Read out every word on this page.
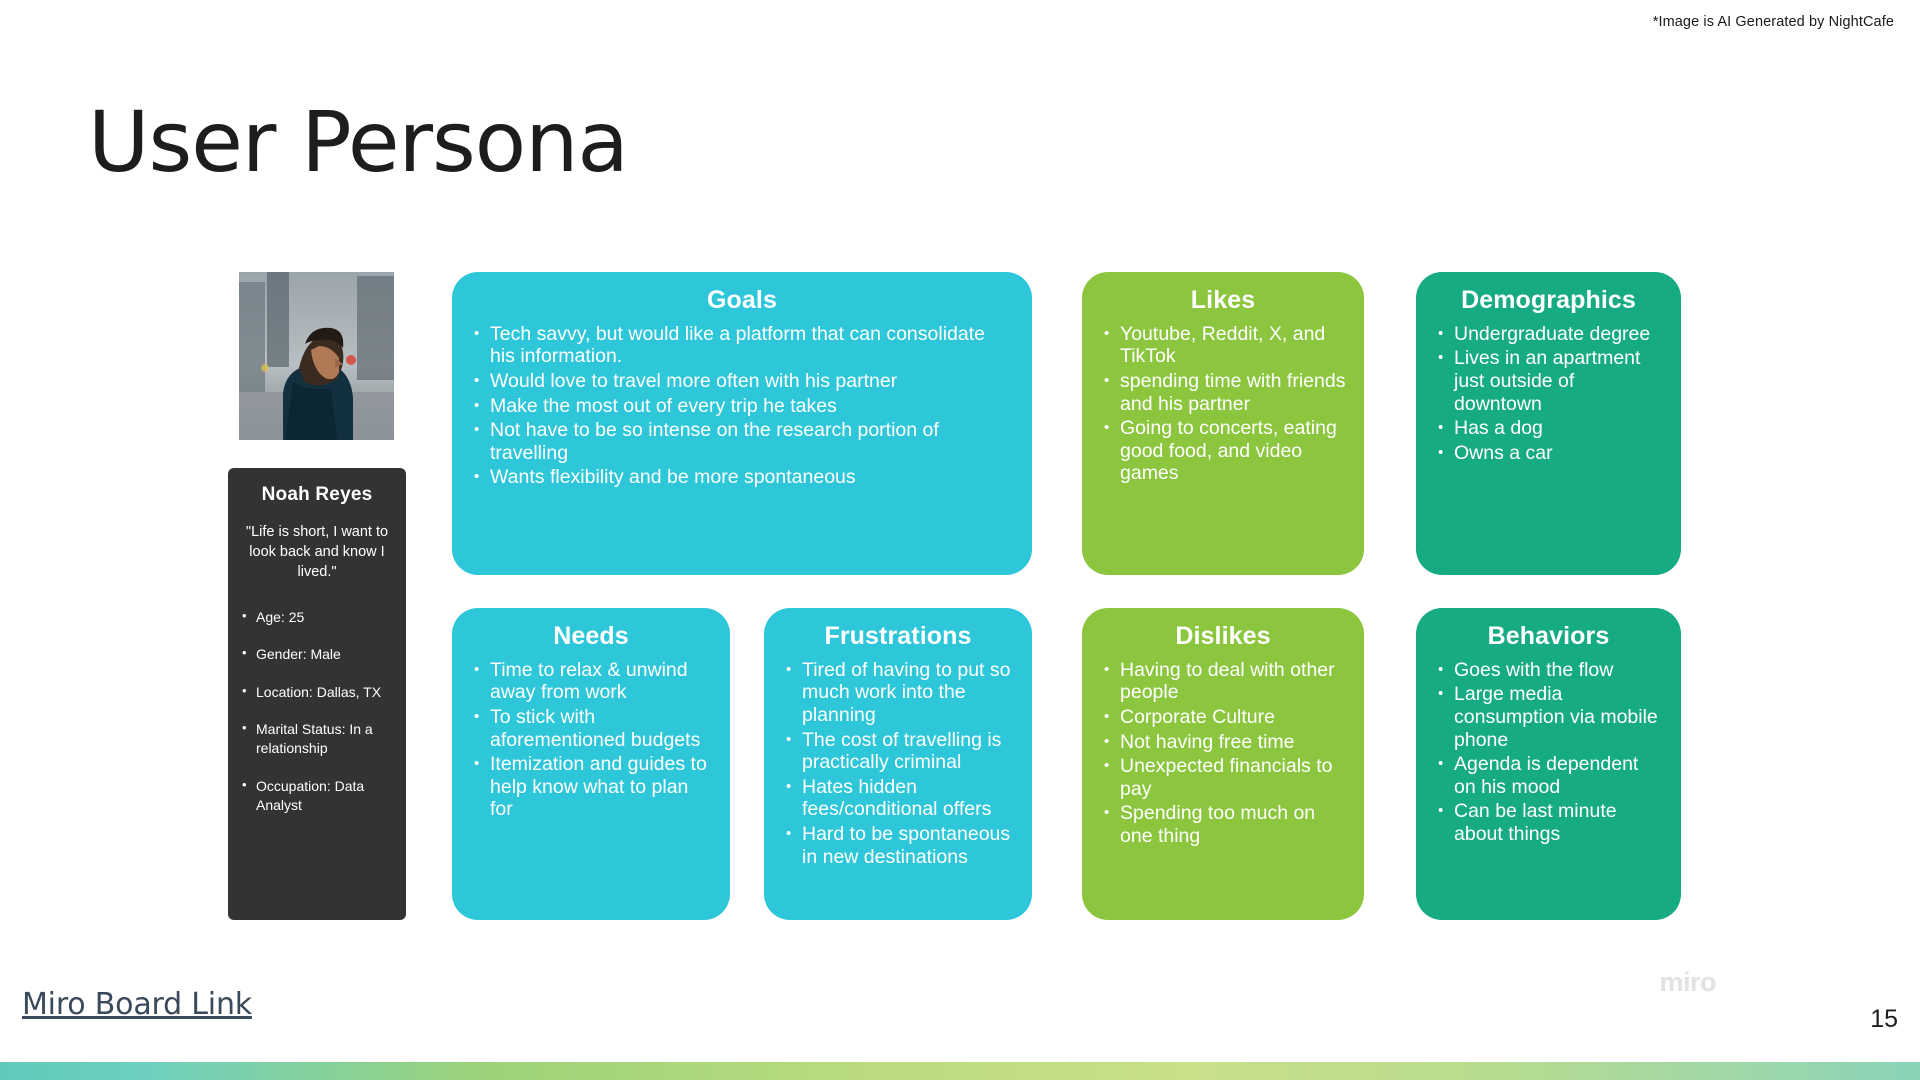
*Image is AI Generated by NightCafe
User Persona
Noah Reyes
"Life is short, I want to look back and know I lived."
• Age: 25
• Gender: Male
• Location: Dallas, TX
• Marital Status: In a relationship
• Occupation: Data Analyst
Goals
• Tech savvy, but would like a platform that can consolidate his information.
• Would love to travel more often with his partner
• Make the most out of every trip he takes
• Not have to be so intense on the research portion of travelling
• Wants flexibility and be more spontaneous
Likes
• Youtube, Reddit, X, and TikTok
• spending time with friends and his partner
• Going to concerts, eating good food, and video games
Demographics
• Undergraduate degree
• Lives in an apartment just outside of downtown
• Has a dog
• Owns a car
Needs
• Time to relax & unwind away from work
• To stick with aforementioned budgets
• Itemization and guides to help know what to plan for
Frustrations
• Tired of having to put so much work into the planning
• The cost of travelling is practically criminal
• Hates hidden fees/conditional offers
• Hard to be spontaneous in new destinations
Dislikes
• Having to deal with other people
• Corporate Culture
• Not having free time
• Unexpected financials to pay
• Spending too much on one thing
Behaviors
• Goes with the flow
• Large media consumption via mobile phone
• Agenda is dependent on his mood
• Can be last minute about things
Miro Board Link
miro
15
